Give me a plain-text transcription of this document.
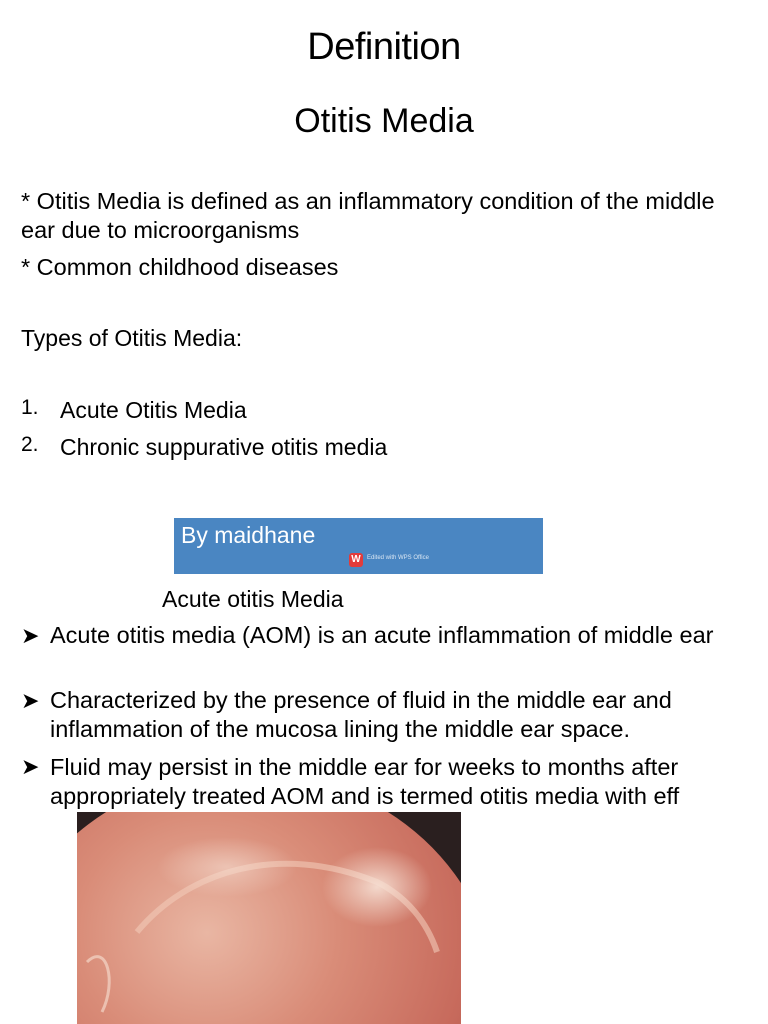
Definition
Otitis Media
* Otitis Media is defined as an inflammatory condition of the middle ear due to microorganisms
* Common childhood diseases
Types of Otitis Media:
1. Acute Otitis Media
2. Chronic suppurative otitis media
By maidhane
W	Edited with WPS Office
Acute otitis Media
➤ Acute otitis media (AOM) is an acute inflammation of middle ear
➤ Characterized by the presence of fluid in the middle ear and inflammation of the mucosa lining the middle ear space.
➤ Fluid may persist in the middle ear for weeks to months after appropriately treated AOM and is termed otitis media with eff
